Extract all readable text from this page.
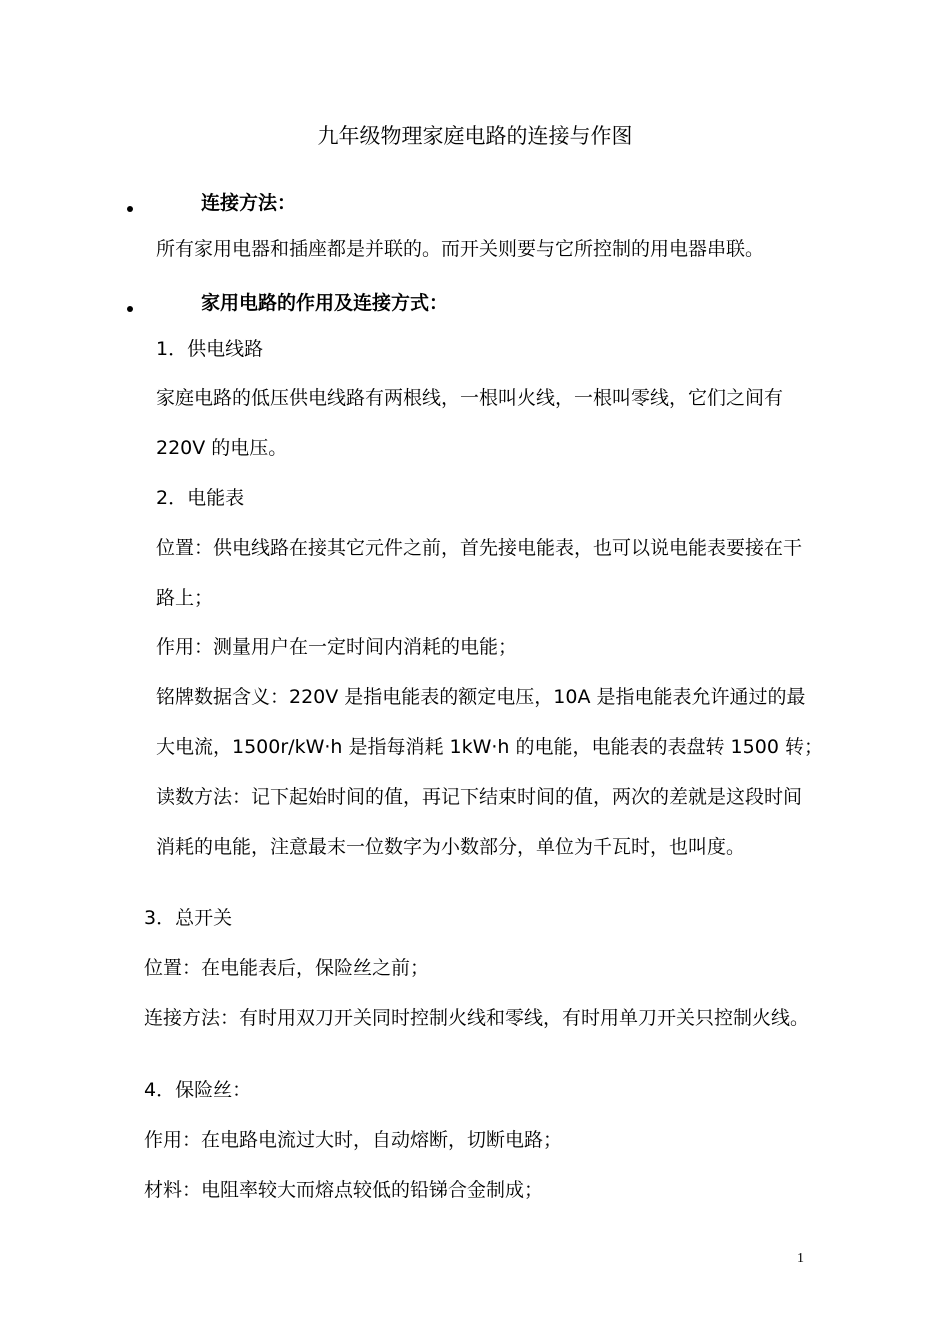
九年级物理家庭电路的连接与作图
连接方法：
所有家用电器和插座都是并联的。而开关则要与它所控制的用电器串联。
家用电路的作用及连接方式：
1．供电线路
家庭电路的低压供电线路有两根线，一根叫火线，一根叫零线，它们之间有
220V 的电压。
2．电能表
位置：供电线路在接其它元件之前，首先接电能表，也可以说电能表要接在干
路上；
作用：测量用户在一定时间内消耗的电能；
铭牌数据含义：220V 是指电能表的额定电压，10A 是指电能表允许通过的最
大电流，1500r/kW·h 是指每消耗 1kW·h 的电能，电能表的表盘转 1500 转；
读数方法：记下起始时间的值，再记下结束时间的值，两次的差就是这段时间
消耗的电能，注意最末一位数字为小数部分，单位为千瓦时，也叫度。
3．总开关
位置：在电能表后，保险丝之前；
连接方法：有时用双刀开关同时控制火线和零线，有时用单刀开关只控制火线。
4．保险丝：
作用：在电路电流过大时，自动熔断，切断电路；
材料：电阻率较大而熔点较低的铅锑合金制成；
1
